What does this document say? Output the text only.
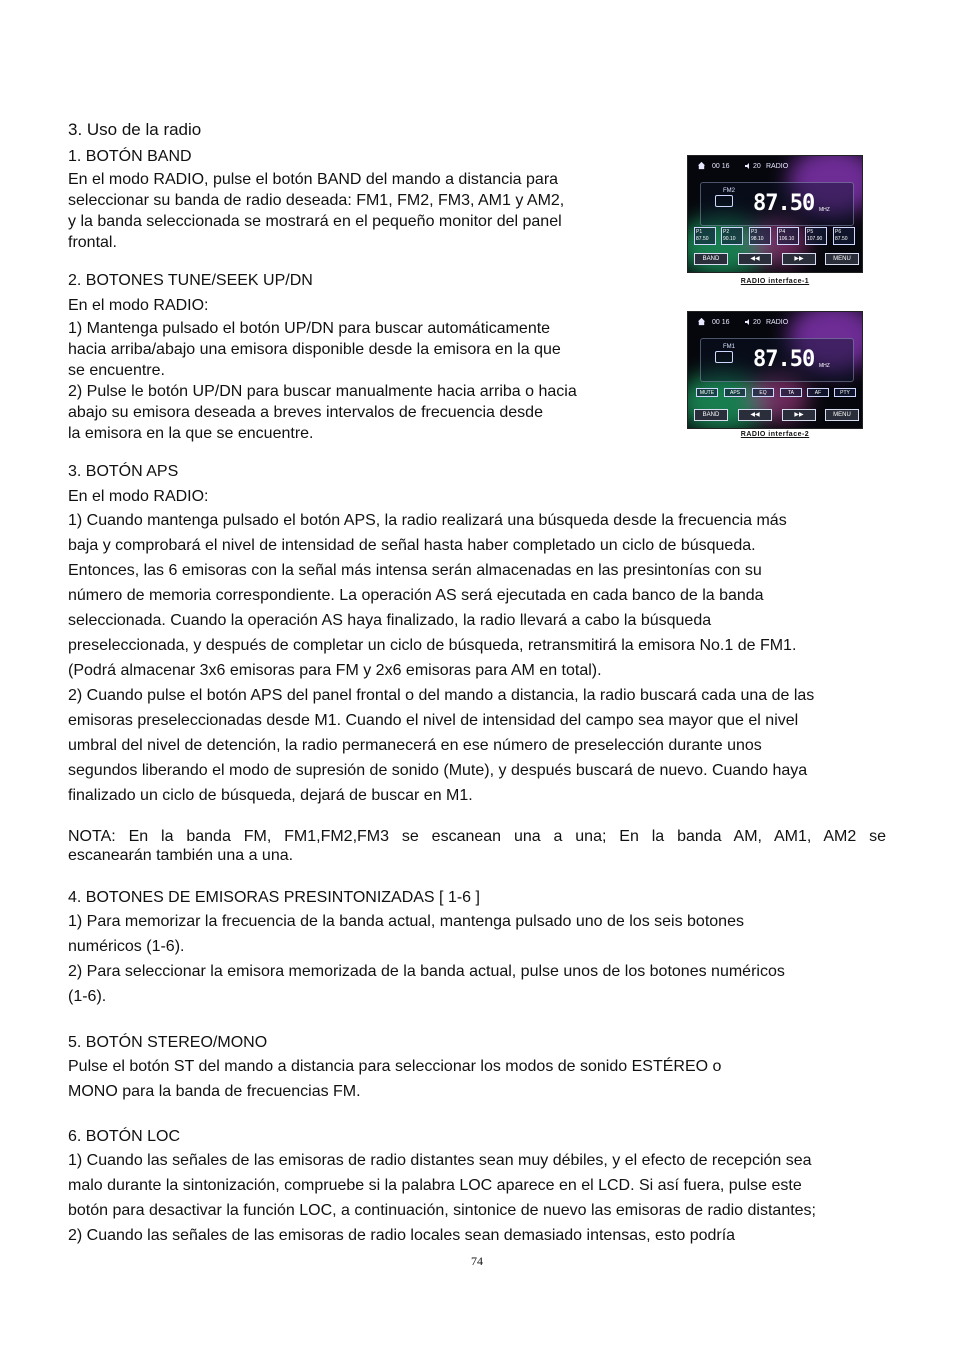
3. Uso de la radio
1. BOTÓN BAND
En el modo RADIO, pulse el botón BAND del mando a distancia para
seleccionar su banda de radio deseada: FM1, FM2, FM3, AM1 y AM2,
y la banda seleccionada se mostrará en el pequeño monitor del panel
frontal.
2. BOTONES TUNE/SEEK UP/DN
En el modo RADIO:
1) Mantenga pulsado el botón UP/DN para buscar automáticamente
hacia arriba/abajo una emisora disponible desde la emisora en la que
se encuentre.
2) Pulse le botón UP/DN para buscar manualmente hacia arriba o hacia
abajo su emisora deseada a breves intervalos de frecuencia desde
la emisora en la que se encuentre.
3. BOTÓN APS
En el modo RADIO:
1) Cuando mantenga pulsado el botón APS, la radio realizará una búsqueda desde la frecuencia más
baja y comprobará el nivel de intensidad de señal hasta haber completado un ciclo de búsqueda.
Entonces, las 6 emisoras con la señal más intensa serán almacenadas en las presintonías con su
número de memoria correspondiente. La operación AS será ejecutada en cada banco de la banda
seleccionada. Cuando la operación AS haya finalizado, la radio llevará a cabo la búsqueda
preseleccionada, y después de completar un ciclo de búsqueda, retransmitirá la emisora No.1 de FM1.
(Podrá almacenar 3x6 emisoras para FM y 2x6 emisoras para AM en total).
2) Cuando pulse el botón APS del panel frontal o del mando a distancia, la radio buscará cada una de las
emisoras preseleccionadas desde M1. Cuando el nivel de intensidad del campo sea mayor que el nivel
umbral del nivel de detención, la radio permanecerá en ese número de preselección durante unos
segundos liberando el modo de supresión de sonido (Mute), y después buscará de nuevo. Cuando haya
finalizado un ciclo de búsqueda, dejará de buscar en M1.
NOTA: En la banda FM, FM1,FM2,FM3 se escanean una a una; En la banda AM, AM1, AM2 se
escanearán también una a una.
4. BOTONES DE EMISORAS PRESINTONIZADAS [ 1-6 ]
1) Para memorizar la frecuencia de la banda actual, mantenga pulsado uno de los seis botones
numéricos (1-6).
2) Para seleccionar la emisora memorizada de la banda actual, pulse unos de los botones numéricos
(1-6).
5. BOTÓN STEREO/MONO
Pulse el botón ST del mando a distancia para seleccionar los modos de sonido ESTÉREO o
MONO para la banda de frecuencias FM.
6. BOTÓN LOC
1) Cuando las señales de las emisoras de radio distantes sean muy débiles, y el efecto de recepción sea
malo durante la sintonización, compruebe si la palabra LOC aparece en el LCD. Si así fuera, pulse este
botón para desactivar la función LOC, a continuación, sintonice de nuevo las emisoras de radio distantes;
2) Cuando las señales de las emisoras de radio locales sean demasiado intensas, esto podría
74
00 16	20 RADIO
FM2 87.50 MHZ
P1
87.50
P2
90.10
P3
98.10
P4
106.10
P5
107.90
P6
87.50
BAND	◀◀	▶▶	MENU
RADIO interface-1
00 16	20 RADIO
FM1 87.50 MHZ
MUTE	APS	EQ	TA	AF	PTY
BAND	◀◀	▶▶	MENU
RADIO interface-2
